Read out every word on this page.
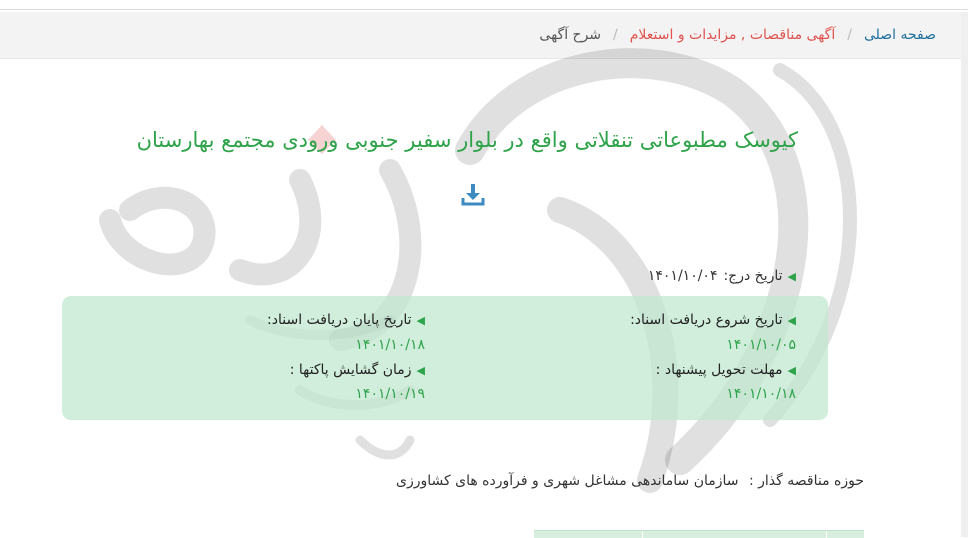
صفحه اصلی
/
آگهی مناقصات , مزایدات و استعلام
/
شرح آگهی
کیوسک مطبوعاتی تنقلاتی واقع در بلوار سفیر جنوبی ورودی مجتمع بهارستان
◀
تاریخ درج:
۱۴۰۱/۱۰/۰۴
◀
تاریخ شروع دریافت اسناد:
۱۴۰۱/۱۰/۰۵
◀
تاریخ پایان دریافت اسناد:
۱۴۰۱/۱۰/۱۸
◀
مهلت تحویل پیشنهاد :
۱۴۰۱/۱۰/۱۸
◀
زمان گشایش پاکتها :
۱۴۰۱/۱۰/۱۹
حوزه مناقصه گذار : سازمان ساماندهی مشاغل شهری و فرآورده های کشاورزی
